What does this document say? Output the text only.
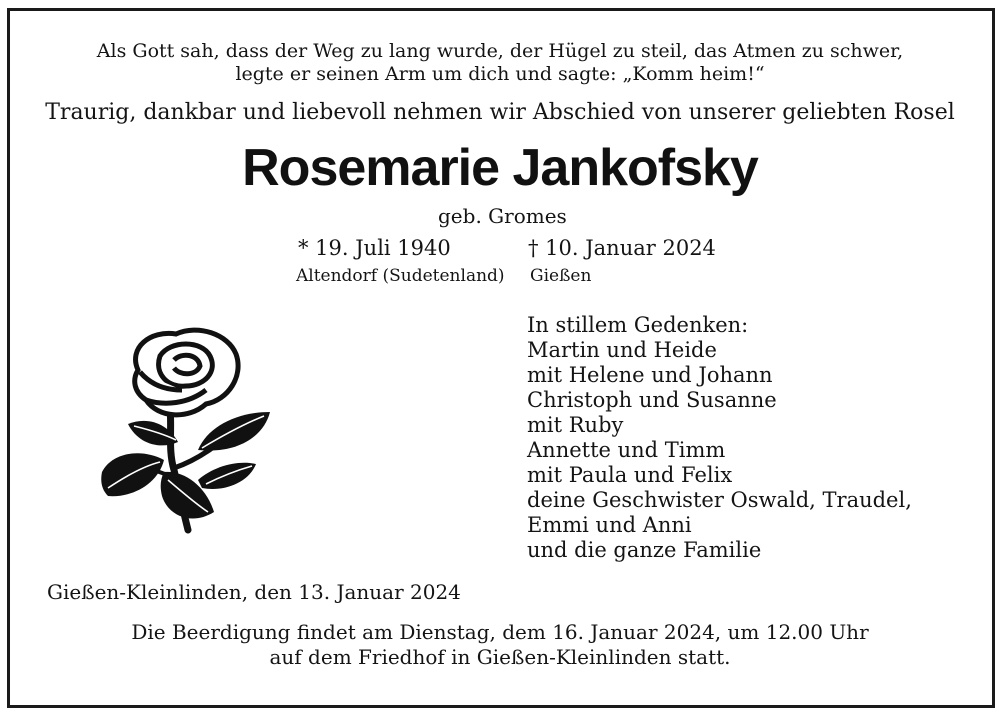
Als Gott sah, dass der Weg zu lang wurde, der Hügel zu steil, das Atmen zu schwer,
legte er seinen Arm um dich und sagte: „Komm heim!“
Traurig, dankbar und liebevoll nehmen wir Abschied von unserer geliebten Rosel
Rosemarie Jankofsky
geb. Gromes
* 19. Juli 1940	† 10. Januar 2024
Altendorf (Sudetenland) Gießen
In stillem Gedenken:
Martin und Heide
mit Helene und Johann
Christoph und Susanne
mit Ruby
Annette und Timm
mit Paula und Felix
deine Geschwister Oswald, Traudel,
Emmi und Anni
und die ganze Familie
Gießen-Kleinlinden, den 13. Januar 2024
Die Beerdigung findet am Dienstag, dem 16. Januar 2024, um 12.00 Uhr
auf dem Friedhof in Gießen-Kleinlinden statt.
